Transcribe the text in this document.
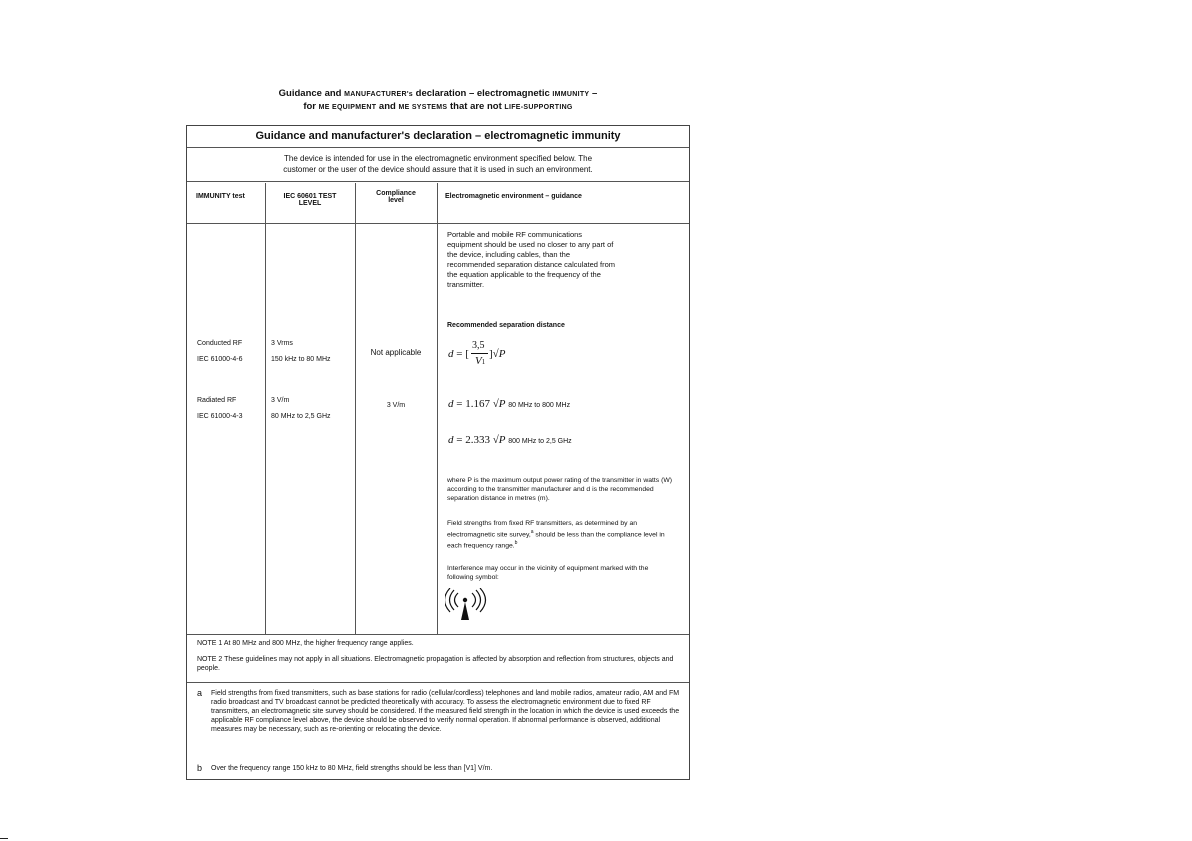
Guidance and MANUFACTURER's declaration – electromagnetic IMMUNITY –
for ME EQUIPMENT and ME SYSTEMS that are not LIFE-SUPPORTING
Guidance and manufacturer's declaration – electromagnetic immunity
The device is intended for use in the electromagnetic environment specified below. The
customer or the user of the device should assure that it is used in such an environment.
IMMUNITY test	IEC 60601 TEST
LEVEL
Compliance
level
Electromagnetic environment – guidance
Conducted RF
IEC 61000-4-6
3 Vrms
150 kHz to 80 MHz
Not applicable
Radiated RF
IEC 61000-4-3
3 V/m
80 MHz to 2,5 GHz
3 V/m
Portable and mobile RF communications equipment should be used no closer to any part of the device, including cables, than the recommended separation distance calculated from the equation applicable to the frequency of the transmitter.
Recommended separation distance
d = [
3,5
V1
]√P
d = 1.167 √P 80 MHz to 800 MHz
d = 2.333 √P 800 MHz to 2,5 GHz
where P is the maximum output power rating of the transmitter in watts (W) according to the transmitter manufacturer and d is the recommended separation distance in metres (m).
Field strengths from fixed RF transmitters, as determined by an electromagnetic site survey,$^a$ should be less than the compliance level in each frequency range.$^b$
Interference may occur in the vicinity of equipment marked with the following symbol:
NOTE 1 At 80 MHz and 800 MHz, the higher frequency range applies.
NOTE 2 These guidelines may not apply in all situations. Electromagnetic propagation is affected by absorption and reflection from structures, objects and people.
a Field strengths from fixed transmitters, such as base stations for radio (cellular/cordless) telephones and land mobile radios, amateur radio, AM and FM radio broadcast and TV broadcast cannot be predicted theoretically with accuracy. To assess the electromagnetic environment due to fixed RF transmitters, an electromagnetic site survey should be considered. If the measured field strength in the location in which the device is used exceeds the applicable RF compliance level above, the device should be observed to verify normal operation. If abnormal performance is observed, additional measures may be necessary, such as re-orienting or relocating the device.
b Over the frequency range 150 kHz to 80 MHz, field strengths should be less than [V1] V/m.
